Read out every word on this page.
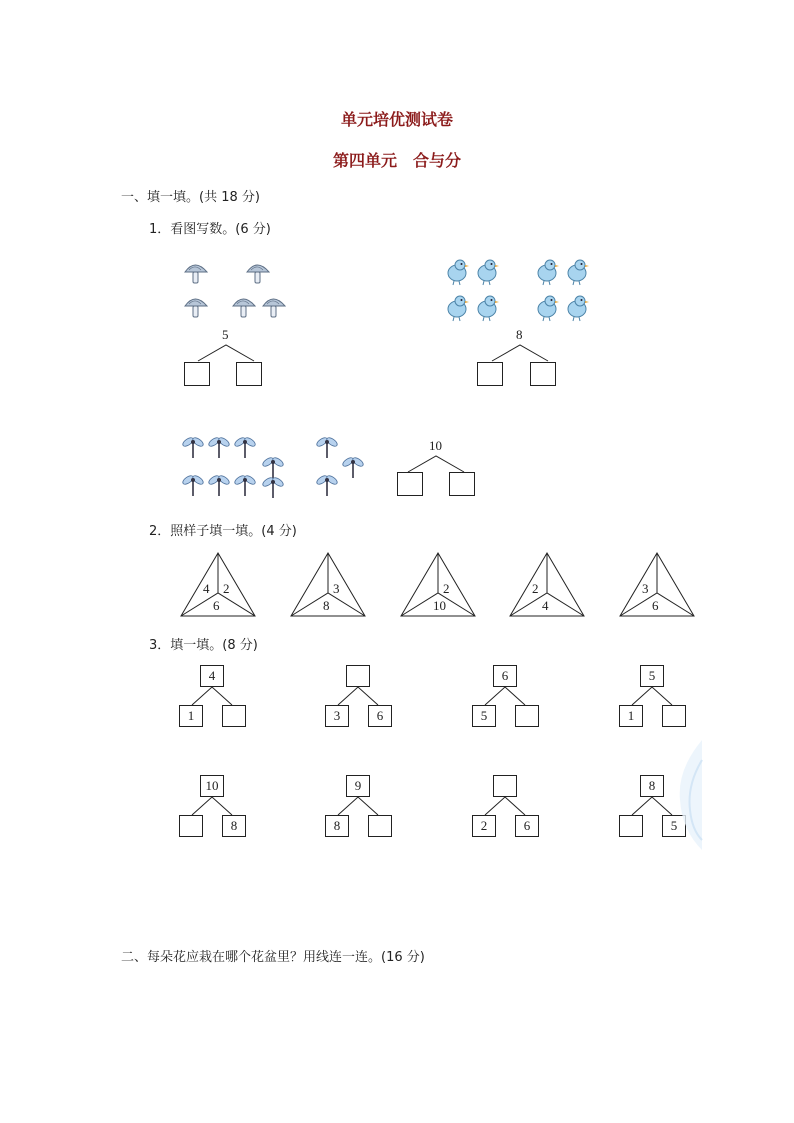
单元培优测试卷
第四单元　合与分
一、填一填。(共 18 分)
1．看图写数。(6 分)
5	8
10
2．照样子填一填。(4 分)
4 2
6
3
8
2
10
2
4
3
6
3．填一填。(8 分)
4
1	3	6
6
5
5
1
10
8
9
8	2	6
8
5
二、每朵花应栽在哪个花盆里？用线连一连。(16 分)
